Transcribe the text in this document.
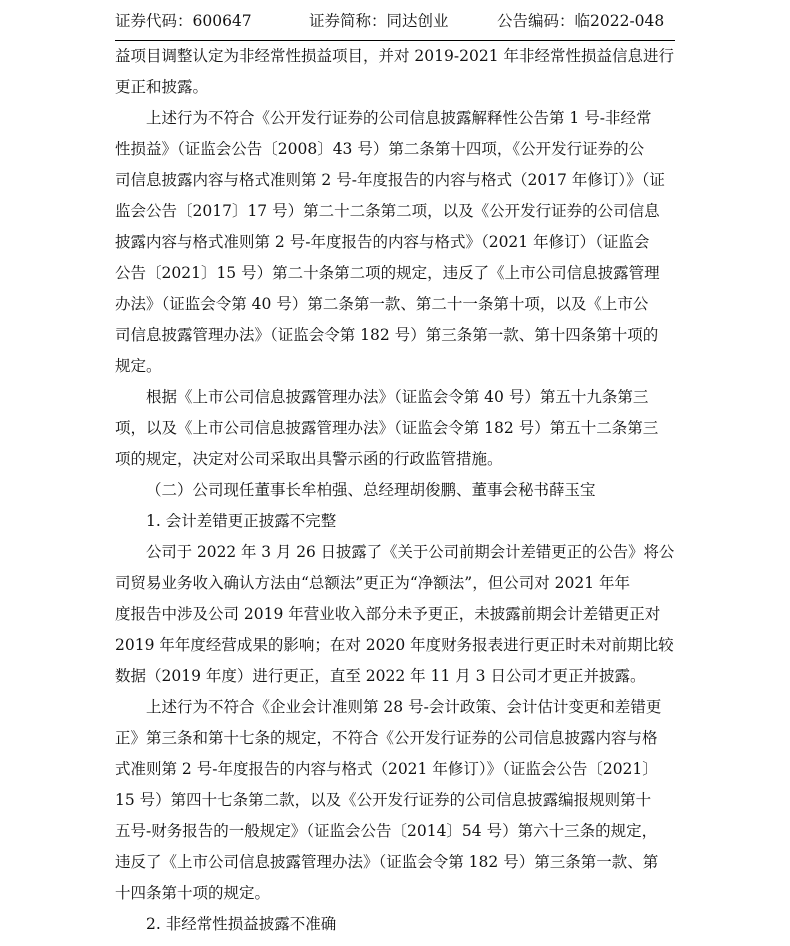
证券代码：600647	证券简称：同达创业	公告编码：临2022-048
益项目调整认定为非经常性损益项目，并对 2019-2021 年非经常性损益信息进行
更正和披露。
上述行为不符合《公开发行证券的公司信息披露解释性公告第 1 号-非经常
性损益》（证监会公告〔2008〕43 号）第二条第十四项，《公开发行证券的公
司信息披露内容与格式准则第 2 号-年度报告的内容与格式（2017 年修订）》（证
监会公告〔2017〕17 号）第二十二条第二项，以及《公开发行证券的公司信息
披露内容与格式准则第 2 号-年度报告的内容与格式》（2021 年修订）（证监会
公告〔2021〕15 号）第二十条第二项的规定，违反了《上市公司信息披露管理
办法》（证监会令第 40 号）第二条第一款、第二十一条第十项，以及《上市公
司信息披露管理办法》（证监会令第 182 号）第三条第一款、第十四条第十项的
规定。
根据《上市公司信息披露管理办法》（证监会令第 40 号）第五十九条第三
项，以及《上市公司信息披露管理办法》（证监会令第 182 号）第五十二条第三
项的规定，决定对公司采取出具警示函的行政监管措施。
（二）公司现任董事长牟柏强、总经理胡俊鹏、董事会秘书薛玉宝
1. 会计差错更正披露不完整
公司于 2022 年 3 月 26 日披露了《关于公司前期会计差错更正的公告》将公
司贸易业务收入确认方法由“总额法”更正为“净额法”，但公司对 2021 年年
度报告中涉及公司 2019 年营业收入部分未予更正，未披露前期会计差错更正对
2019 年年度经营成果的影响；在对 2020 年度财务报表进行更正时未对前期比较
数据（2019 年度）进行更正，直至 2022 年 11 月 3 日公司才更正并披露。
上述行为不符合《企业会计准则第 28 号-会计政策、会计估计变更和差错更
正》第三条和第十七条的规定，不符合《公开发行证券的公司信息披露内容与格
式准则第 2 号-年度报告的内容与格式（2021 年修订）》（证监会公告〔2021〕
15 号）第四十七条第二款，以及《公开发行证券的公司信息披露编报规则第十
五号-财务报告的一般规定》（证监会公告〔2014〕54 号）第六十三条的规定，
违反了《上市公司信息披露管理办法》（证监会令第 182 号）第三条第一款、第
十四条第十项的规定。
2. 非经常性损益披露不准确
